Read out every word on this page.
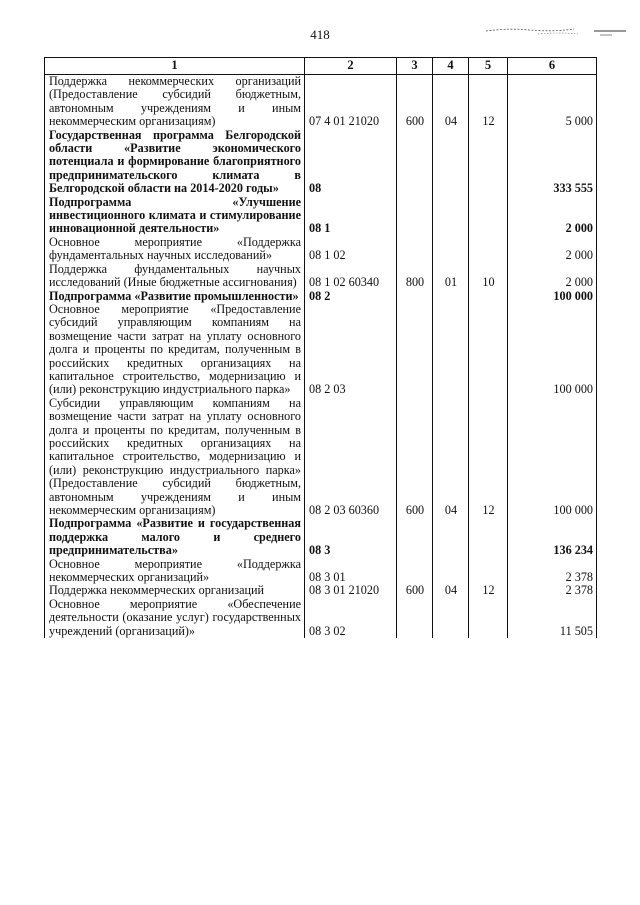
418
1	2	3	4	5	6
Поддержка некоммерческих организаций (Предоставление субсидий бюджетным, автономным учреждениям и иным некоммерческим организациям)	07 4 01 21020	600	04	12	5 000
Государственная программа Белгородской области «Развитие экономического потенциала и формирование благоприятного предпринимательского климата в Белгородской области на 2014-2020 годы»	08				333 555
Подпрограмма «Улучшение инвестиционного климата и стимулирование инновационной деятельности»	08 1				2 000
Основное мероприятие «Поддержка фундаментальных научных исследований»	08 1 02				2 000
Поддержка фундаментальных научных исследований (Иные бюджетные ассигнования)	08 1 02 60340	800	01	10	2 000
Подпрограмма «Развитие промышленности»	08 2				100 000
Основное мероприятие «Предоставление субсидий управляющим компаниям на возмещение части затрат на уплату основного долга и проценты по кредитам, полученным в российских кредитных организациях на капитальное строительство, модернизацию и (или) реконструкцию индустриального парка»	08 2 03				100 000
Субсидии управляющим компаниям на возмещение части затрат на уплату основного долга и проценты по кредитам, полученным в российских кредитных организациях на капитальное строительство, модернизацию и (или) реконструкцию индустриального парка» (Предоставление субсидий бюджетным, автономным учреждениям и иным некоммерческим организациям)	08 2 03 60360	600	04	12	100 000
Подпрограмма «Развитие и государственная поддержка малого и среднего предпринимательства»	08 3				136 234
Основное мероприятие «Поддержка некоммерческих организаций»	08 3 01				2 378
Поддержка некоммерческих организаций	08 3 01 21020	600	04	12	2 378
Основное мероприятие «Обеспечение деятельности (оказание услуг) государственных учреждений (организаций)»	08 3 02				11 505
